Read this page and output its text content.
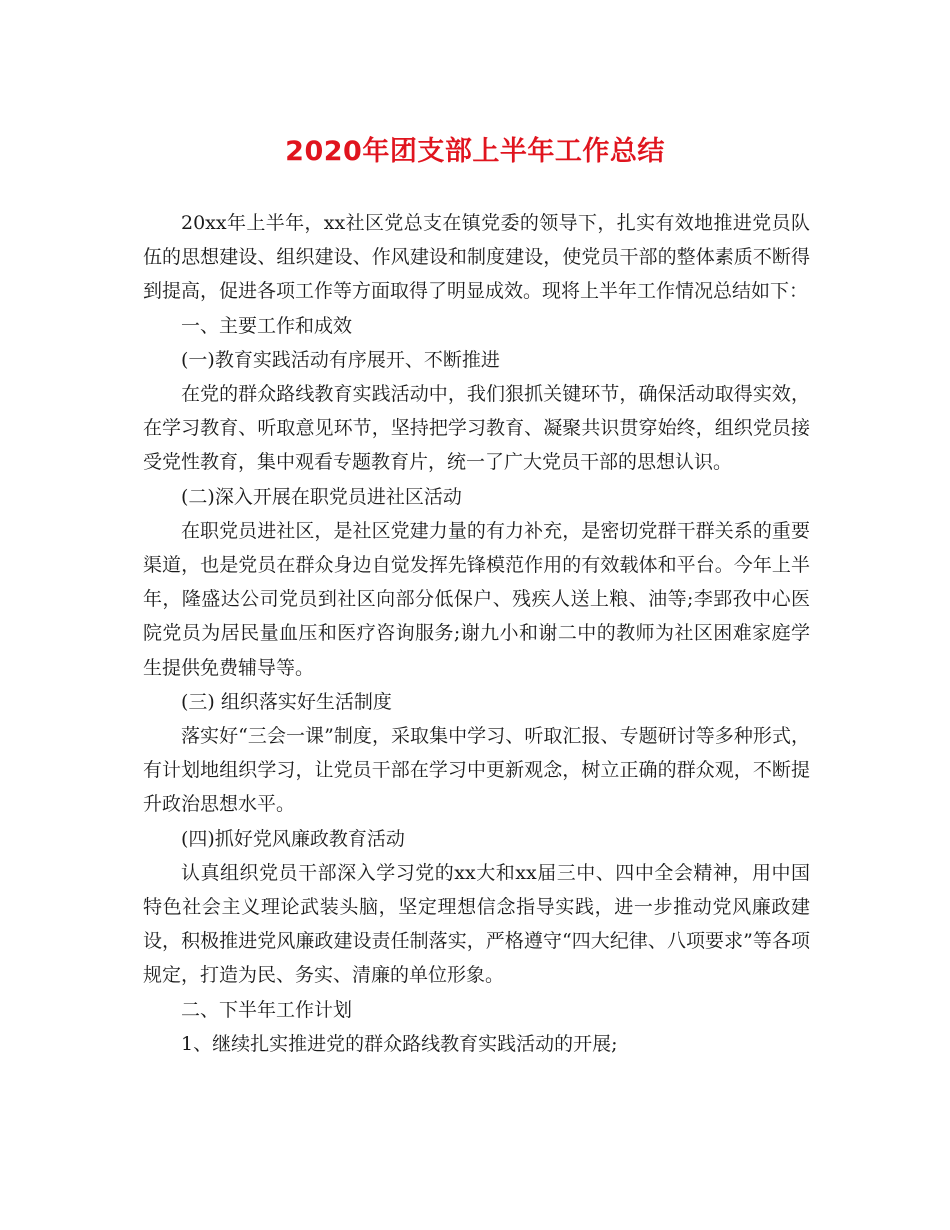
2020年团支部上半年工作总结

20xx年上半年，xx社区党总支在镇党委的领导下，扎实有效地推进党员队伍的思想建设、组织建设、作风建设和制度建设，使党员干部的整体素质不断得到提高，促进各项工作等方面取得了明显成效。现将上半年工作情况总结如下：

一、主要工作和成效

(一)教育实践活动有序展开、不断推进

在党的群众路线教育实践活动中，我们狠抓关键环节，确保活动取得实效，在学习教育、听取意见环节，坚持把学习教育、凝聚共识贯穿始终，组织党员接受党性教育，集中观看专题教育片，统一了广大党员干部的思想认识。

(二)深入开展在职党员进社区活动

在职党员进社区，是社区党建力量的有力补充，是密切党群干群关系的重要渠道，也是党员在群众身边自觉发挥先锋模范作用的有效载体和平台。今年上半年，隆盛达公司党员到社区向部分低保户、残疾人送上粮、油等;李郢孜中心医院党员为居民量血压和医疗咨询服务;谢九小和谢二中的教师为社区困难家庭学生提供免费辅导等。

(三) 组织落实好生活制度

落实好“三会一课”制度，采取集中学习、听取汇报、专题研讨等多种形式，有计划地组织学习，让党员干部在学习中更新观念，树立正确的群众观，不断提升政治思想水平。

(四)抓好党风廉政教育活动

认真组织党员干部深入学习党的xx大和xx届三中、四中全会精神，用中国特色社会主义理论武装头脑，坚定理想信念指导实践，进一步推动党风廉政建设，积极推进党风廉政建设责任制落实，严格遵守“四大纪律、八项要求”等各项规定，打造为民、务实、清廉的单位形象。

二、下半年工作计划

1、继续扎实推进党的群众路线教育实践活动的开展;
